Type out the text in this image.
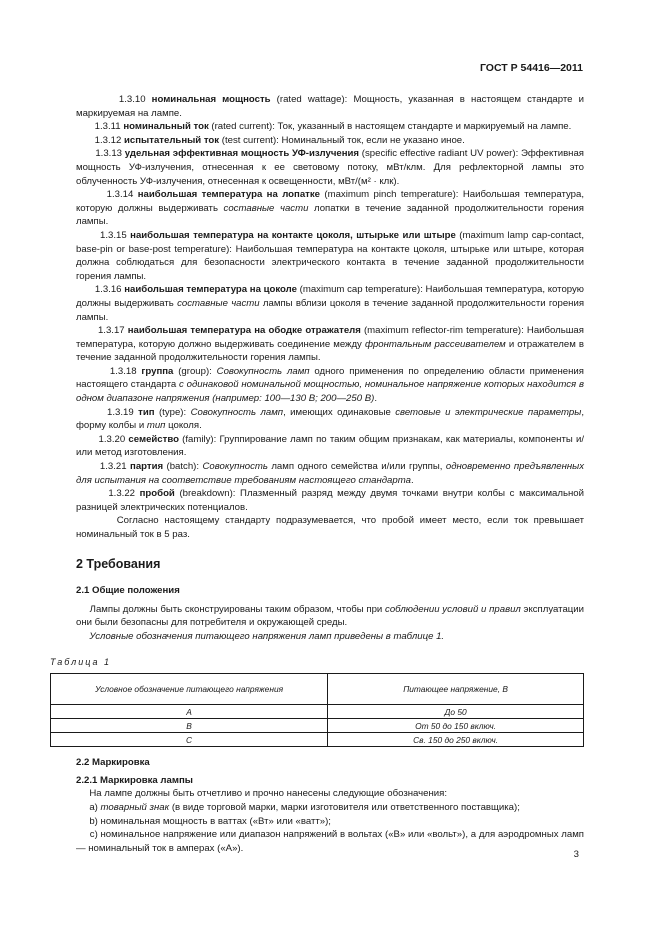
ГОСТ Р 54416—2011

1.3.10 номинальная мощность (rated wattage): Мощность, указанная в настоящем стандарте и маркируемая на лампе.

1.3.11 номинальный ток (rated current): Ток, указанный в настоящем стандарте и маркируемый на лампе.

1.3.12 испытательный ток (test current): Номинальный ток, если не указано иное.

1.3.13 удельная эффективная мощность УФ-излучения (specific effective radiant UV power): Эффективная мощность УФ-излучения, отнесенная к ее световому потоку, мВт/клм. Для рефлекторной лампы это облученность УФ-излучения, отнесенная к освещенности, мВт/(м² · клк).

1.3.14 наибольшая температура на лопатке (maximum pinch temperature): Наибольшая температура, которую должны выдерживать составные части лопатки в течение заданной продолжительности горения лампы.

1.3.15 наибольшая температура на контакте цоколя, штырьке или штыре (maximum lamp cap-contact, base-pin or base-post temperature): Наибольшая температура на контакте цоколя, штырьке или штыре, которая должна соблюдаться для безопасности электрического контакта в течение заданной продолжительности горения лампы.

1.3.16 наибольшая температура на цоколе (maximum cap temperature): Наибольшая температура, которую должны выдерживать составные части лампы вблизи цоколя в течение заданной продолжительности горения лампы.

1.3.17 наибольшая температура на ободке отражателя (maximum reflector-rim temperature): Наибольшая температура, которую должно выдерживать соединение между фронтальным рассеивателем и отражателем в течение заданной продолжительности горения лампы.

1.3.18 группа (group): Совокупность ламп одного применения по определению области применения настоящего стандарта с одинаковой номинальной мощностью, номинальное напряжение которых находится в одном диапазоне напряжения (например: 100—130 В; 200—250 В).

1.3.19 тип (type): Совокупность ламп, имеющих одинаковые световые и электрические параметры, форму колбы и тип цоколя.

1.3.20 семейство (family): Группирование ламп по таким общим признакам, как материалы, компоненты и/или метод изготовления.

1.3.21 партия (batch): Совокупность ламп одного семейства и/или группы, одновременно предъявленных для испытания на соответствие требованиям настоящего стандарта.

1.3.22 пробой (breakdown): Плазменный разряд между двумя точками внутри колбы с максимальной разницей электрических потенциалов.

Согласно настоящему стандарту подразумевается, что пробой имеет место, если ток превышает номинальный ток в 5 раз.

2 Требования

2.1 Общие положения

Лампы должны быть сконструированы таким образом, чтобы при соблюдении условий и правил эксплуатации они были безопасны для потребителя и окружающей среды.

Условные обозначения питающего напряжения ламп приведены в таблице 1.

Таблица 1

Условное обозначение питающего напряжения	Питающее напряжение, В
A	До 50
B	От 50 до 150 включ.
C	Св. 150 до 250 включ.

2.2 Маркировка

2.2.1 Маркировка лампы

На лампе должны быть отчетливо и прочно нанесены следующие обозначения:

a) товарный знак (в виде торговой марки, марки изготовителя или ответственного поставщика);

b) номинальная мощность в ваттах («Вт» или «ватт»);

c) номинальное напряжение или диапазон напряжений в вольтах («В» или «вольт»), а для аэродромных ламп — номинальный ток в амперах («А»).

3
